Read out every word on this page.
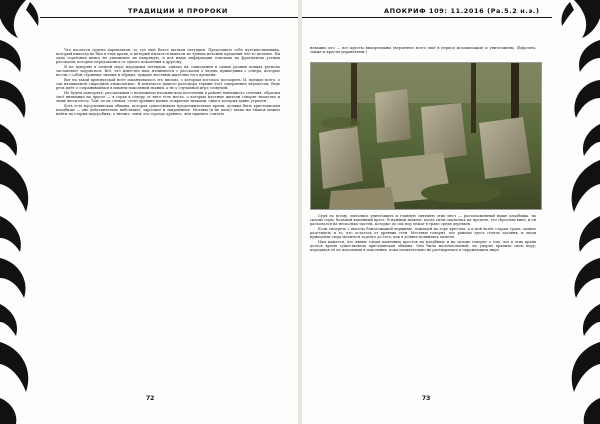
ТРАДИЦИИ И ПРОРОКИ

Что касается ордена хармалитов, то тут ещё более шаткая ситуация. Представьте себе путешественника, который никогда не был в этих краях, и который пытается вывести из тумана неясных преданий что-то цельное. Ни одна серьёзная книга не упоминает их напрямую, и вся наша информация основана на фрагментах устных рассказов, которые передавались от одного поколения к другому.

Я не доверяю в полной мере народным легендам, однако их совпадения в самых разных концах региона заставляют задуматься. Всё, что известно нам, начинается с рассказов о людях, пришедших с севера, которые несли с собой странные знания и обряды, чуждые местным жителям того времени.

Вот на такой критической ноте заканчивалось это письмо, с которым хотелось поспорить. И, прежде всего, о так называемой «народной этимологии». В контексте нашего разговора термин этот совершенно неуместен. Ведь речь идёт о сохранившемся в памяти поколений знании, а не о случайной игре созвучий.

Не будем повторять, рассказывая о возможном итальянском поселении в районе нынешнего селения, обратим своё внимание на другое — в горах к северу от него есть места, о которых местные жители говорят неохотно и лишь вполголоса. Там, по их словам, стоят древние камни, покрытые знаками, смысл которых давно утрачен.

Хоть есть мусульманская община, которая существовала продолжительное время, должна быть христианская кладбище — оно действительно небольшое, заросшее и запущенное. Мотивы (и не мало) таких же знаков можно найти на старых надгробиях, а значит, связь эта гораздо древнее, чем принято считать.

72
АПОКРИФ 109: 11.2016 (Ра.5.2 н.э.)

неважно кто — все кресты выкорчеваны (вероятнее всего ещё в период исламизации) и уничтожены. (Впрочем, также и кресты управляемы.)

Судя по всему, пытались уничтожить и главную святыню этих мест — расположенный выше кладбища, на склоне горы, большой каменный крест. В нужный момент, когда силы оказались на пределе, его сбросили вниз, и он раскололся на несколько частей, которые до сих пор лежат в траве среди деревьев.

Если смотреть с высоты близлежащей вершины, лежащей на горе крестом, а к ней ведёт старая тропа, можно разглядеть и то, что осталось от древних стен. Местные говорят, что раньше здесь стояла часовня, и люди приходили сюда молиться задолго до того, как в долине появились мечети.

Нам кажется, что явные следы каменных крестов на кладбище и на склоне говорят о том, что в этих краях долгое время существовала христианская община. Она была малочисленной, но упорно хранила свою веру, передавая её из поколения в поколение, пока окончательно не растворилась в окружающем мире.

73
